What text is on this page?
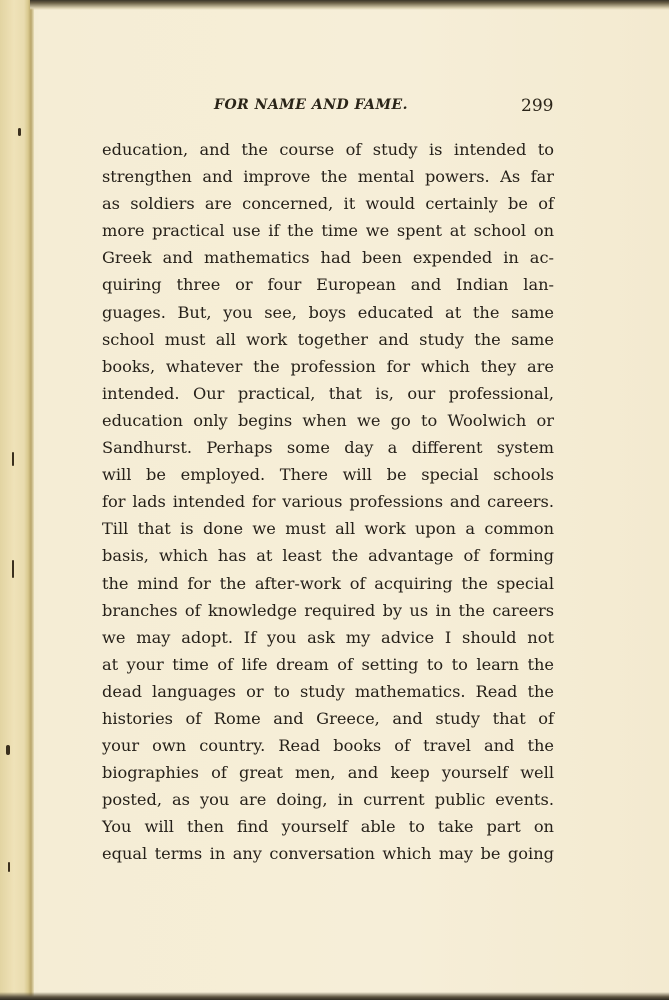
FOR NAME AND FAME.	299
education, and the course of study is intended to
strengthen and improve the mental powers. As far
as soldiers are concerned, it would certainly be of
more practical use if the time we spent at school on
Greek and mathematics had been expended in ac-
quiring three or four European and Indian lan-
guages. But, you see, boys educated at the same
school must all work together and study the same
books, whatever the profession for which they are
intended. Our practical, that is, our professional,
education only begins when we go to Woolwich or
Sandhurst. Perhaps some day a different system
will be employed. There will be special schools
for lads intended for various professions and careers.
Till that is done we must all work upon a common
basis, which has at least the advantage of forming
the mind for the after-work of acquiring the special
branches of knowledge required by us in the careers
we may adopt. If you ask my advice I should not
at your time of life dream of setting to to learn the
dead languages or to study mathematics. Read the
histories of Rome and Greece, and study that of
your own country. Read books of travel and the
biographies of great men, and keep yourself well
posted, as you are doing, in current public events.
You will then find yourself able to take part on
equal terms in any conversation which may be going
